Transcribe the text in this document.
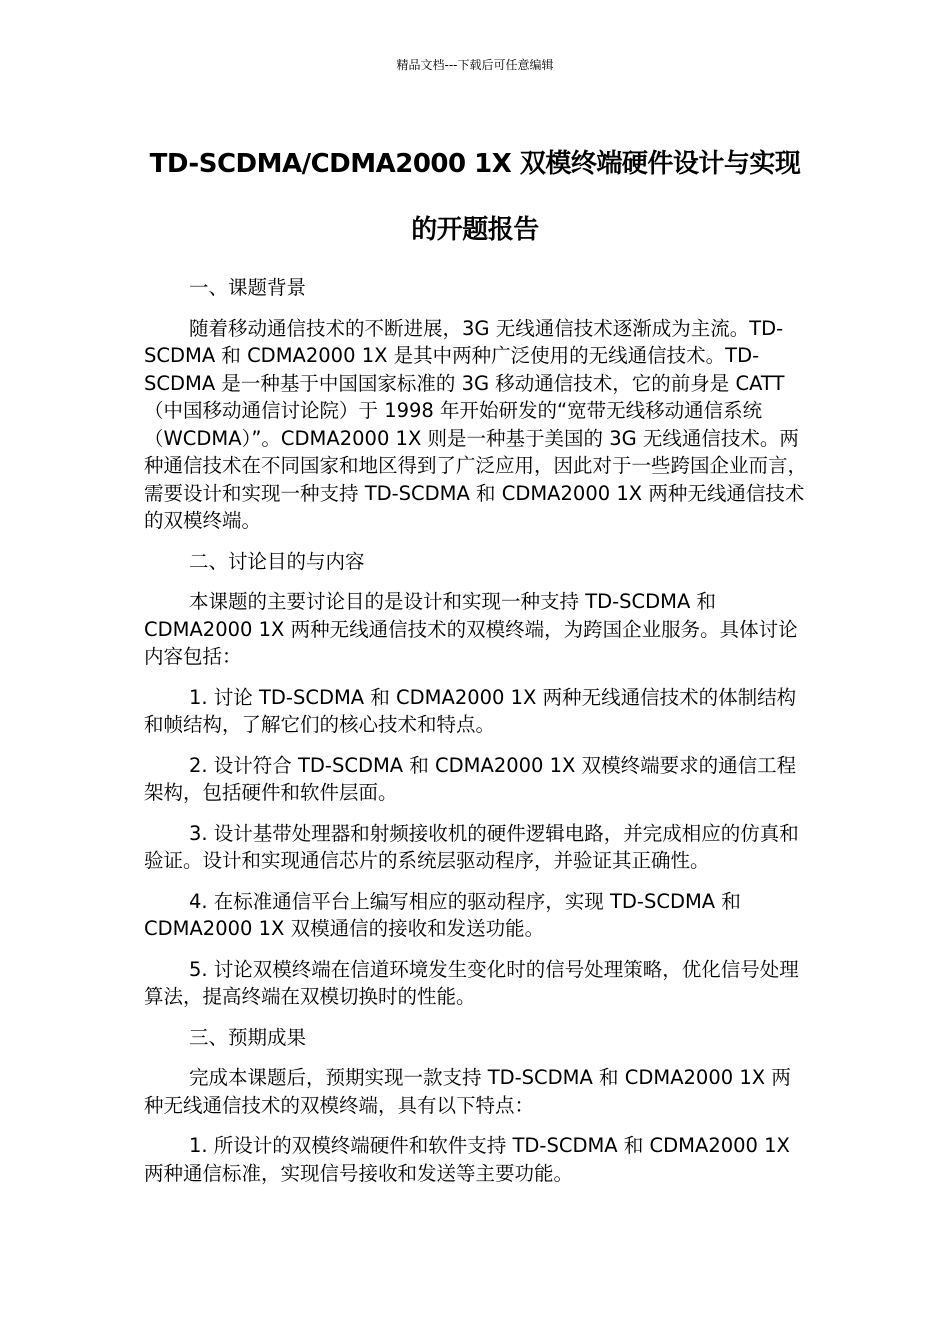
精品文档---下载后可任意编辑
TD-SCDMA/CDMA2000 1X 双模终端硬件设计与实现的开题报告

一、课题背景

随着移动通信技术的不断进展，3G 无线通信技术逐渐成为主流。TD-SCDMA 和 CDMA2000 1X 是其中两种广泛使用的无线通信技术。TD-SCDMA 是一种基于中国国家标准的 3G 移动通信技术，它的前身是 CATT（中国移动通信讨论院）于 1998 年开始研发的“宽带无线移动通信系统（WCDMA）”。CDMA2000 1X 则是一种基于美国的 3G 无线通信技术。两种通信技术在不同国家和地区得到了广泛应用，因此对于一些跨国企业而言，需要设计和实现一种支持 TD-SCDMA 和 CDMA2000 1X 两种无线通信技术的双模终端。

二、讨论目的与内容

本课题的主要讨论目的是设计和实现一种支持 TD-SCDMA 和 CDMA2000 1X 两种无线通信技术的双模终端，为跨国企业服务。具体讨论内容包括：

1. 讨论 TD-SCDMA 和 CDMA2000 1X 两种无线通信技术的体制结构和帧结构，了解它们的核心技术和特点。

2. 设计符合 TD-SCDMA 和 CDMA2000 1X 双模终端要求的通信工程架构，包括硬件和软件层面。

3. 设计基带处理器和射频接收机的硬件逻辑电路，并完成相应的仿真和验证。设计和实现通信芯片的系统层驱动程序，并验证其正确性。

4. 在标准通信平台上编写相应的驱动程序，实现 TD-SCDMA 和 CDMA2000 1X 双模通信的接收和发送功能。

5. 讨论双模终端在信道环境发生变化时的信号处理策略，优化信号处理算法，提高终端在双模切换时的性能。

三、预期成果

完成本课题后，预期实现一款支持 TD-SCDMA 和 CDMA2000 1X 两种无线通信技术的双模终端，具有以下特点：

1. 所设计的双模终端硬件和软件支持 TD-SCDMA 和 CDMA2000 1X 两种通信标准，实现信号接收和发送等主要功能。
